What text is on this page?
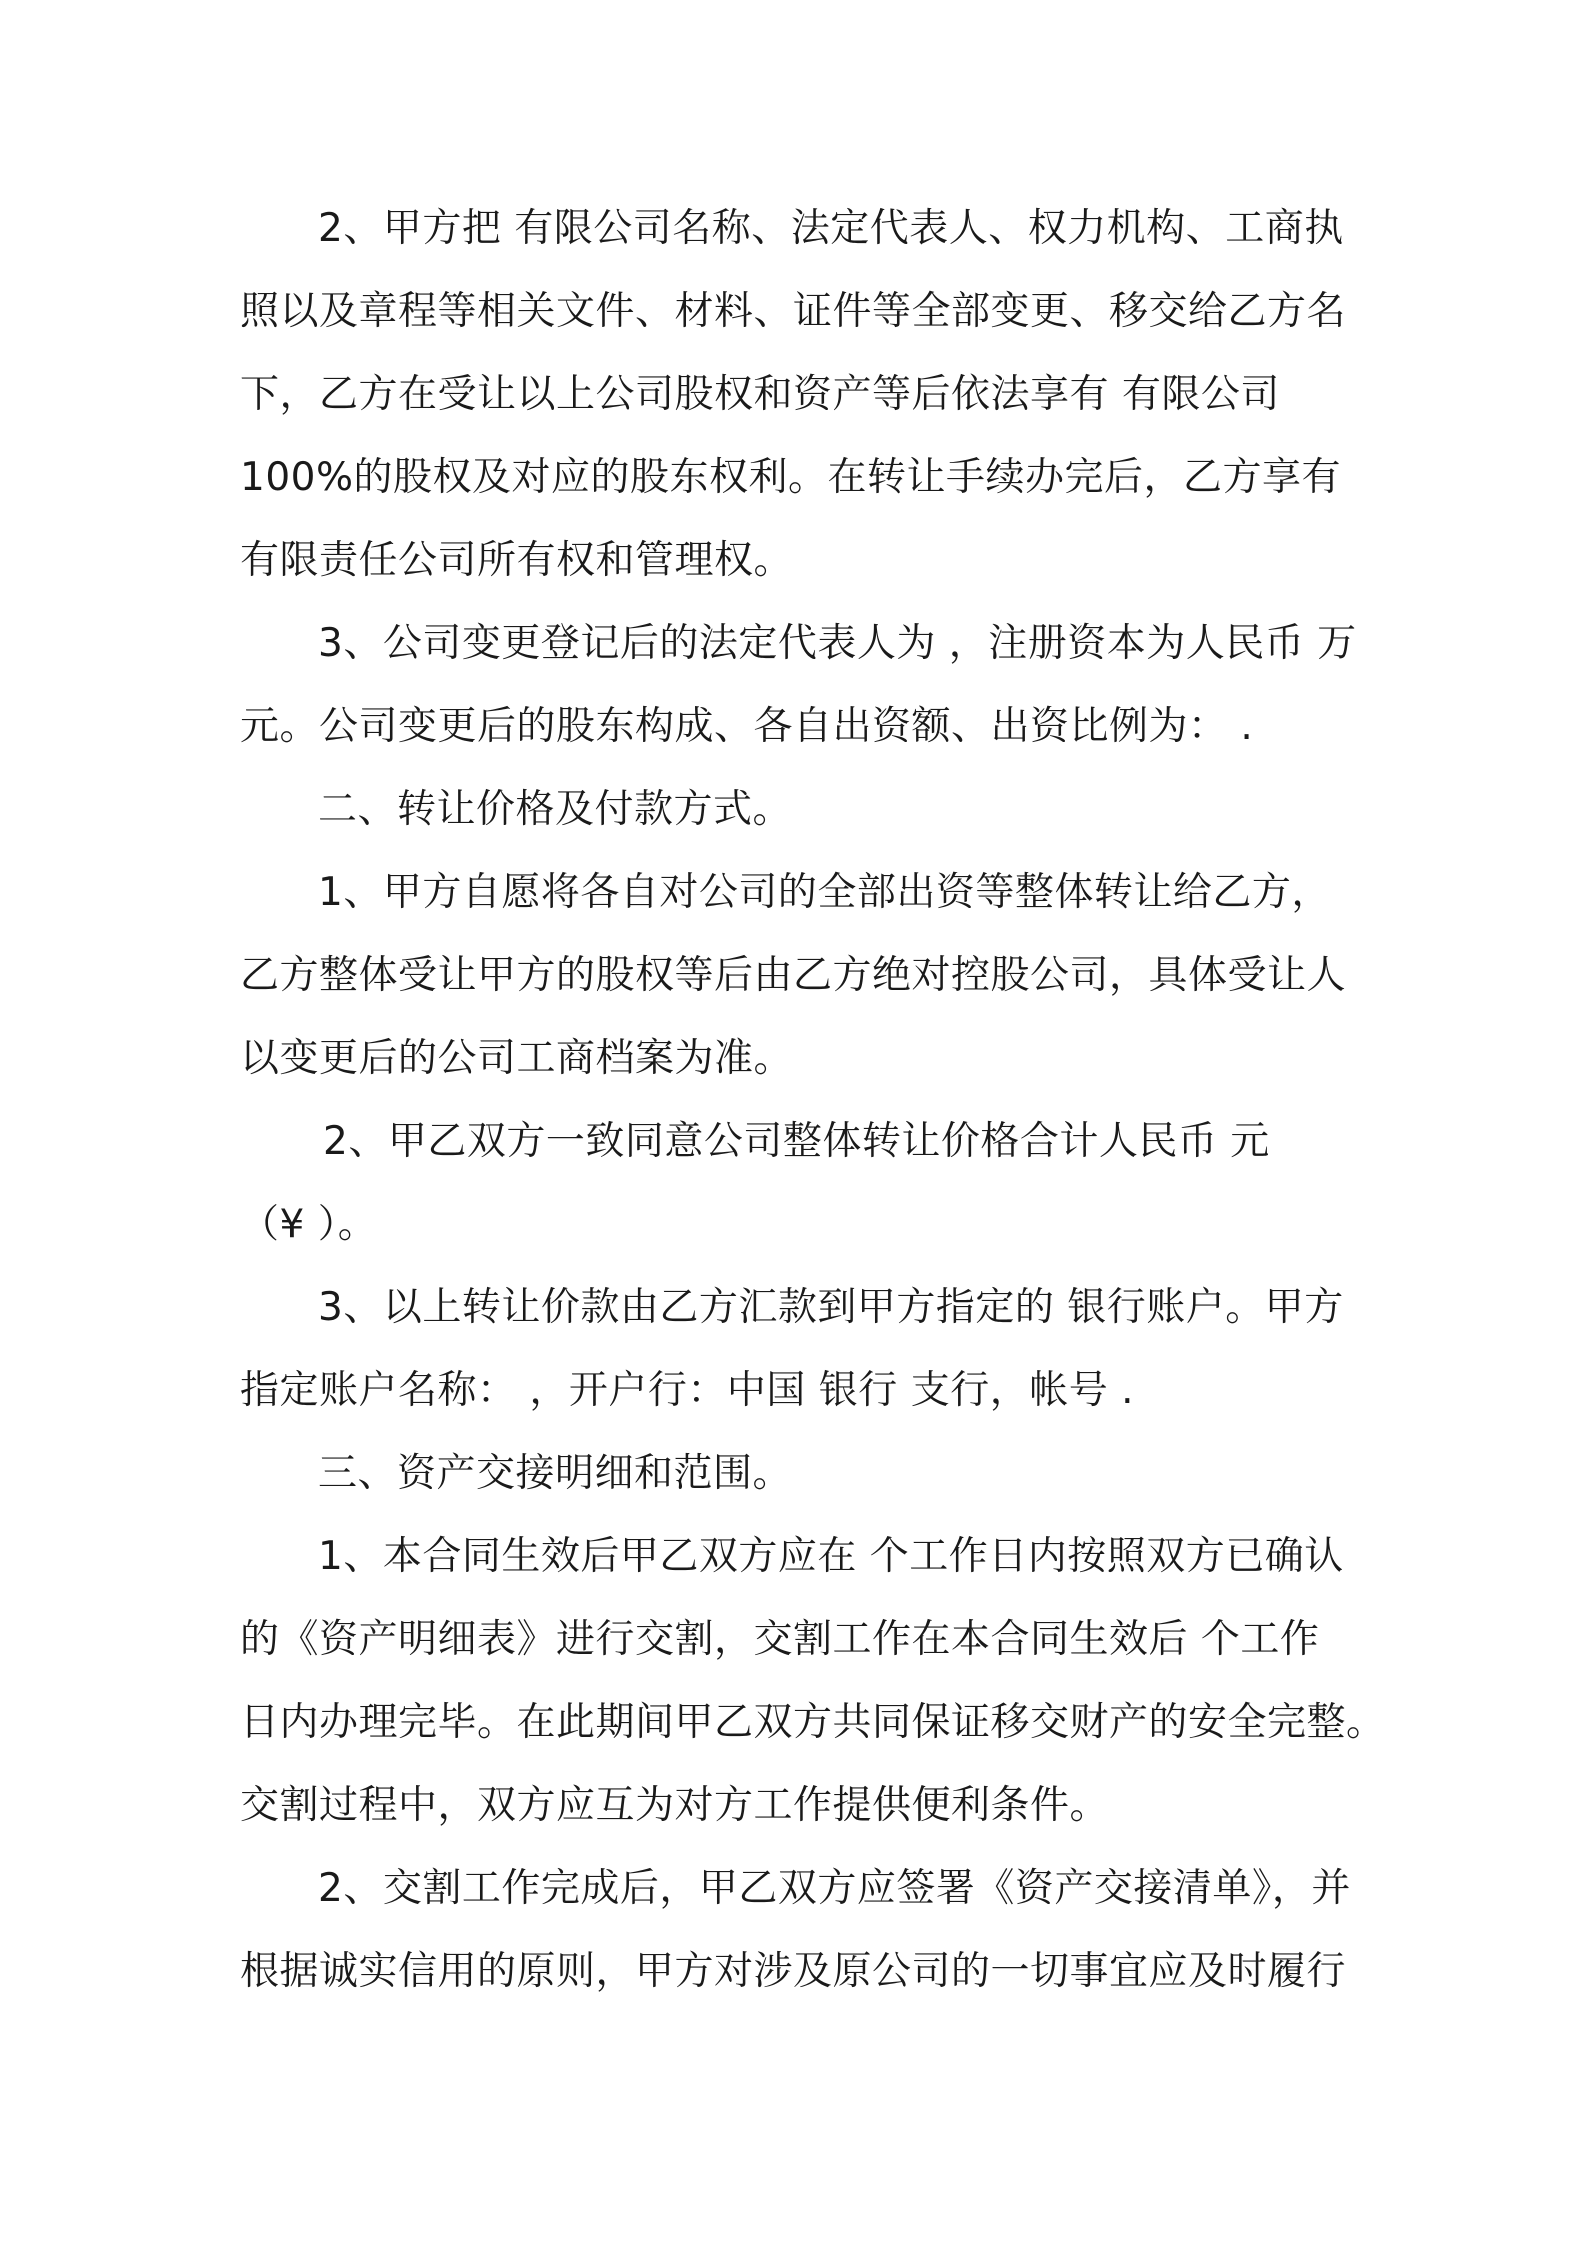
2、甲方把 有限公司名称、法定代表人、权力机构、工商执
照以及章程等相关文件、材料、证件等全部变更、移交给乙方名
下，乙方在受让以上公司股权和资产等后依法享有 有限公司
100%的股权及对应的股东权利。在转让手续办完后，乙方享有
有限责任公司所有权和管理权。
3、公司变更登记后的法定代表人为 ，注册资本为人民币 万
元。公司变更后的股东构成、各自出资额、出资比例为： .
二、转让价格及付款方式。
1、甲方自愿将各自对公司的全部出资等整体转让给乙方，
乙方整体受让甲方的股权等后由乙方绝对控股公司，具体受让人
以变更后的公司工商档案为准。
2、甲乙双方一致同意公司整体转让价格合计人民币 元
（¥ ）。
3、以上转让价款由乙方汇款到甲方指定的 银行账户。甲方
指定账户名称： ，开户行：中国 银行 支行，帐号 .
三、资产交接明细和范围。
1、本合同生效后甲乙双方应在 个工作日内按照双方已确认
的《资产明细表》进行交割，交割工作在本合同生效后 个工作
日内办理完毕。在此期间甲乙双方共同保证移交财产的安全完整。
交割过程中，双方应互为对方工作提供便利条件。
2、交割工作完成后，甲乙双方应签署《资产交接清单》，并
根据诚实信用的原则，甲方对涉及原公司的一切事宜应及时履行
